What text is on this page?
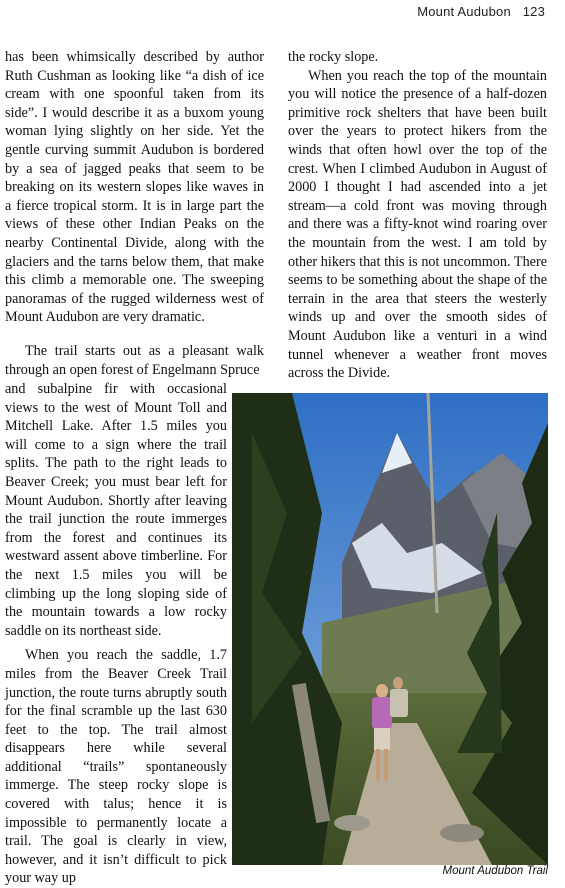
Mount Audubon 123

has been whimsically described by author Ruth Cushman as looking like “a dish of ice cream with one spoonful taken from its side”. I would describe it as a buxom young woman lying slightly on her side. Yet the gentle curving summit Audubon is bordered by a sea of jagged peaks that seem to be breaking on its western slopes like waves in a fierce tropical storm. It is in large part the views of these other Indian Peaks on the nearby Continental Divide, along with the glaciers and the tarns below them, that make this climb a memorable one. The sweeping panoramas of the rugged wilderness west of Mount Audubon are very dramatic.

The trail starts out as a pleasant walk through an open forest of Engelmann Spruce

and subalpine fir with occasional views to the west of Mount Toll and Mitchell Lake. After 1.5 miles you will come to a sign where the trail splits. The path to the right leads to Beaver Creek; you must bear left for Mount Audubon. Shortly after leaving the trail junction the route immerges from the forest and continues its westward assent above timberline. For the next 1.5 miles you will be climbing up the long sloping side of the mountain towards a low rocky saddle on its northeast side.

When you reach the saddle, 1.7 miles from the Beaver Creek Trail junction, the route turns abruptly south for the final scramble up the last 630 feet to the top. The trail almost disappears here while several additional “trails” spontaneously immerge. The steep rocky slope is covered with talus; hence it is impossible to permanently locate a trail. The goal is clearly in view, however, and it isn’t difficult to pick your way up

the rocky slope.

When you reach the top of the mountain you will notice the presence of a half-dozen primitive rock shelters that have been built over the years to protect hikers from the winds that often howl over the top of the crest. When I climbed Audubon in August of 2000 I thought I had ascended into a jet stream—a cold front was moving through and there was a fifty-knot wind roaring over the mountain from the west. I am told by other hikers that this is not uncommon. There seems to be something about the shape of the terrain in the area that steers the westerly winds up and over the smooth sides of Mount Audubon like a venturi in a wind tunnel whenever a weather front moves across the Divide.

Mount Audubon Trail
